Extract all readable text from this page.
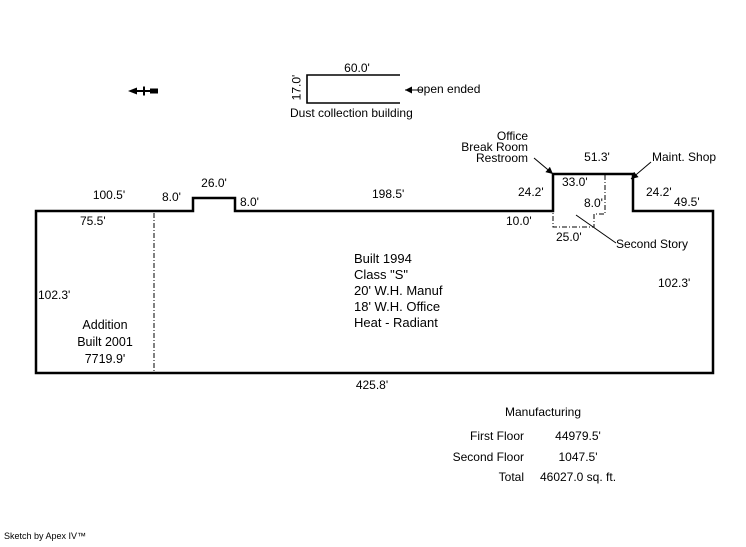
60.0'
17.0'	open ended
Dust collection building
100.5'	8.0'
26.0'
8.0'
198.5'
75.5'
Office
Break Room
Restroom	51.3'	Maint. Shop
24.2'
33.0'
24.2'
49.5'
8.0'
10.0'
25.0'	Second Story
Built 1994
Class "S"
20' W.H. Manuf
18' W.H. Office
Heat - Radiant
102.3'
102.3'
425.8'
Addition
Built 2001
7719.9'
Manufacturing
First Floor	44979.5'
Second Floor	1047.5'
Total	46027.0 sq. ft.
Sketch by Apex IV™
